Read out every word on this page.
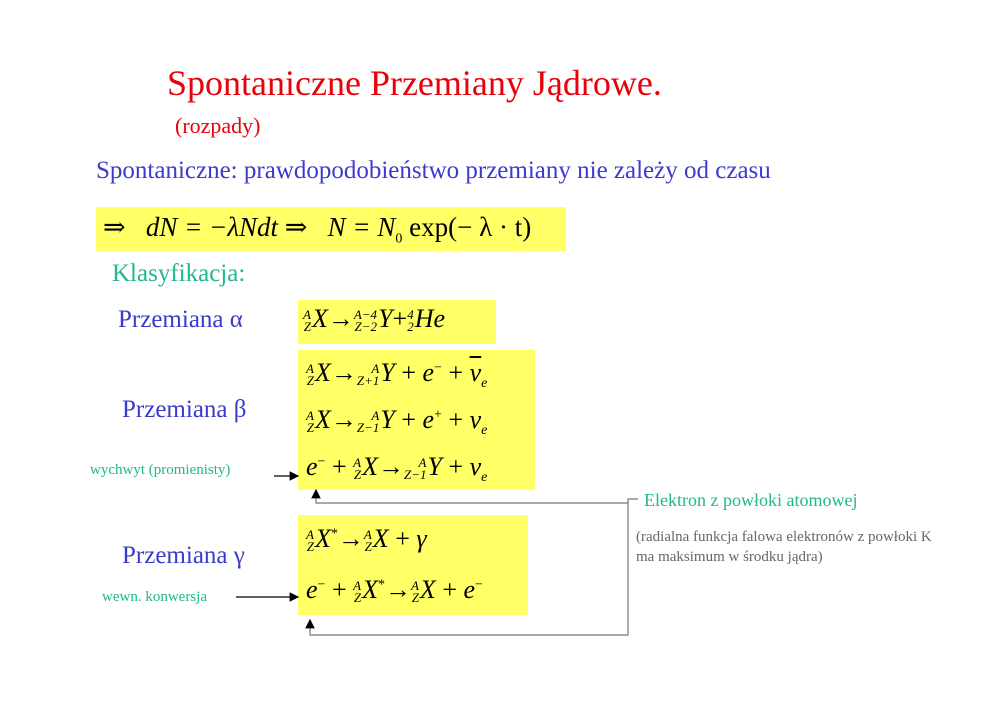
Spontaniczne Przemiany Jądrowe.
(rozpady)
Spontaniczne: prawdopodobieństwo przemiany nie zależy od czasu
⇒ dN = −λNdt ⇒ $N = N_0$ exp(− λ · t)
Klasyfikacja:
Przemiana α	A
Z X→ A−4
Z−2 Y+ 4
2 He
Przemiana β
A
Z X→	A
Z+1 $Y + e^- + \overline{\nu}_e$
A
Z X→	A
Z−1 $Y + e^+ + \nu_e$
e− + A
Z X→	A
Z−1 $Y + \nu_e$
wychwyt (promienisty)
Przemiana γ
A
Z X*→ A
Z X + γ
e− + A
Z X*→ A
Z X + e−
wewn. konwersja
Elektron z powłoki atomowej
(radialna funkcja falowa elektronów z powłoki K ma maksimum w środku jądra)
